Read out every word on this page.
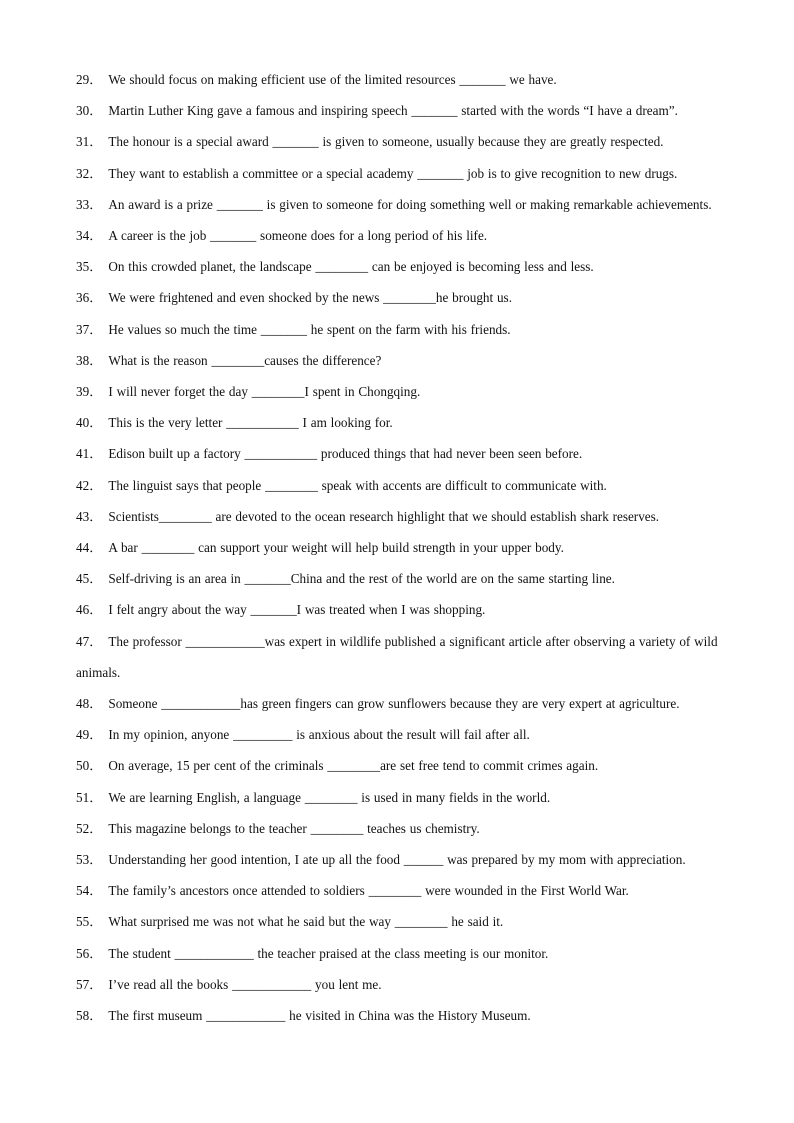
29． We should focus on making efficient use of the limited resources _______ we have.
30． Martin Luther King gave a famous and inspiring speech _______ started with the words “I have a dream”.
31． The honour is a special award _______ is given to someone, usually because they are greatly respected.
32． They want to establish a committee or a special academy _______ job is to give recognition to new drugs.
33． An award is a prize _______ is given to someone for doing something well or making remarkable achievements.
34． A career is the job _______ someone does for a long period of his life.
35． On this crowded planet, the landscape ________ can be enjoyed is becoming less and less.
36． We were frightened and even shocked by the news ________he brought us.
37． He values so much the time _______ he spent on the farm with his friends.
38． What is the reason ________causes the difference?
39． I will never forget the day ________I spent in Chongqing.
40． This is the very letter ___________ I am looking for.
41． Edison built up a factory ___________ produced things that had never been seen before.
42． The linguist says that people ________ speak with accents are difficult to communicate with.
43． Scientists________ are devoted to the ocean research highlight that we should establish shark reserves.
44． A bar ________ can support your weight will help build strength in your upper body.
45． Self-driving is an area in _______China and the rest of the world are on the same starting line.
46． I felt angry about the way _______I was treated when I was shopping.
47． The professor ____________was expert in wildlife published a significant article after observing a variety of wild animals.
48． Someone ____________has green fingers can grow sunflowers because they are very expert at agriculture.
49． In my opinion, anyone _________ is anxious about the result will fail after all.
50． On average, 15 per cent of the criminals ________are set free tend to commit crimes again.
51． We are learning English, a language ________ is used in many fields in the world.
52． This magazine belongs to the teacher ________ teaches us chemistry.
53． Understanding her good intention, I ate up all the food ______ was prepared by my mom with appreciation.
54． The family’s ancestors once attended to soldiers ________ were wounded in the First World War.
55． What surprised me was not what he said but the way ________ he said it.
56． The student ____________ the teacher praised at the class meeting is our monitor.
57． I’ve read all the books ____________ you lent me.
58． The first museum ____________ he visited in China was the History Museum.
